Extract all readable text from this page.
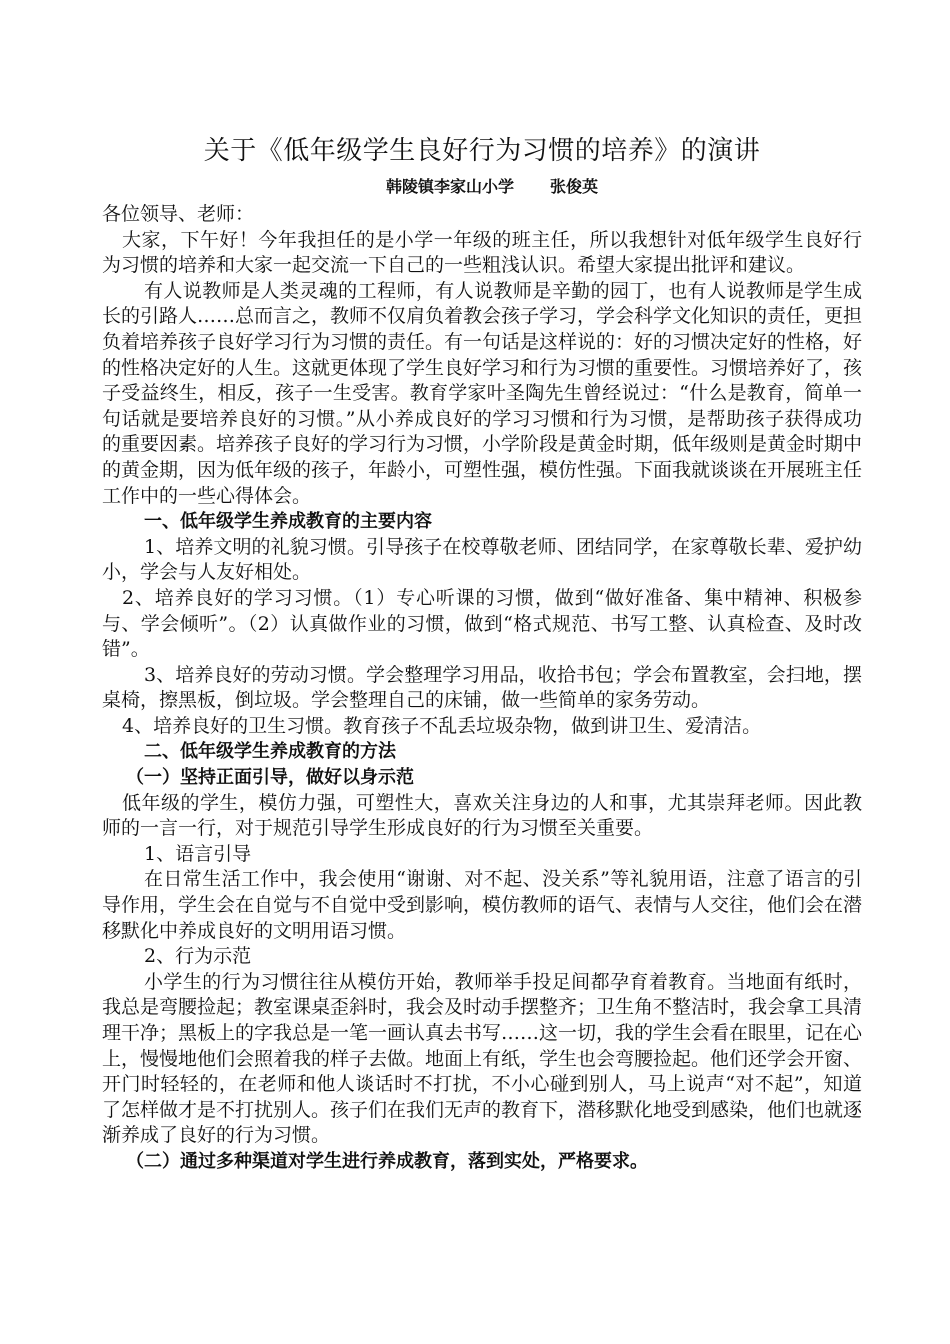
关于《低年级学生良好行为习惯的培养》的演讲
韩陵镇李家山小学 张俊英

各位领导、老师：

大家，下午好！今年我担任的是小学一年级的班主任，所以我想针对低年级学生良好行为习惯的培养和大家一起交流一下自己的一些粗浅认识。希望大家提出批评和建议。

有人说教师是人类灵魂的工程师，有人说教师是辛勤的园丁，也有人说教师是学生成长的引路人……总而言之，教师不仅肩负着教会孩子学习，学会科学文化知识的责任，更担负着培养孩子良好学习行为习惯的责任。有一句话是这样说的：好的习惯决定好的性格，好的性格决定好的人生。这就更体现了学生良好学习和行为习惯的重要性。习惯培养好了，孩子受益终生，相反，孩子一生受害。教育学家叶圣陶先生曾经说过：“什么是教育，简单一句话就是要培养良好的习惯。”从小养成良好的学习习惯和行为习惯，是帮助孩子获得成功的重要因素。培养孩子良好的学习行为习惯，小学阶段是黄金时期，低年级则是黄金时期中的黄金期，因为低年级的孩子，年龄小，可塑性强，模仿性强。下面我就谈谈在开展班主任工作中的一些心得体会。

一、低年级学生养成教育的主要内容

1、培养文明的礼貌习惯。引导孩子在校尊敬老师、团结同学，在家尊敬长辈、爱护幼小，学会与人友好相处。

2、培养良好的学习习惯。（1）专心听课的习惯，做到“做好准备、集中精神、积极参与、学会倾听”。（2）认真做作业的习惯，做到“格式规范、书写工整、认真检查、及时改错”。

3、培养良好的劳动习惯。学会整理学习用品，收拾书包；学会布置教室，会扫地，摆桌椅，擦黑板，倒垃圾。学会整理自己的床铺，做一些简单的家务劳动。

4、培养良好的卫生习惯。教育孩子不乱丢垃圾杂物，做到讲卫生、爱清洁。

二、低年级学生养成教育的方法

（一）坚持正面引导，做好以身示范

低年级的学生，模仿力强，可塑性大，喜欢关注身边的人和事，尤其崇拜老师。因此教师的一言一行，对于规范引导学生形成良好的行为习惯至关重要。

1、语言引导

在日常生活工作中，我会使用“谢谢、对不起、没关系”等礼貌用语，注意了语言的引导作用，学生会在自觉与不自觉中受到影响，模仿教师的语气、表情与人交往，他们会在潜移默化中养成良好的文明用语习惯。

2、行为示范

小学生的行为习惯往往从模仿开始，教师举手投足间都孕育着教育。当地面有纸时，我总是弯腰捡起；教室课桌歪斜时，我会及时动手摆整齐；卫生角不整洁时，我会拿工具清理干净；黑板上的字我总是一笔一画认真去书写……这一切，我的学生会看在眼里，记在心上，慢慢地他们会照着我的样子去做。地面上有纸，学生也会弯腰捡起。他们还学会开窗、开门时轻轻的，在老师和他人谈话时不打扰，不小心碰到别人，马上说声“对不起”，知道了怎样做才是不打扰别人。孩子们在我们无声的教育下，潜移默化地受到感染，他们也就逐渐养成了良好的行为习惯。

（二）通过多种渠道对学生进行养成教育，落到实处，严格要求。
